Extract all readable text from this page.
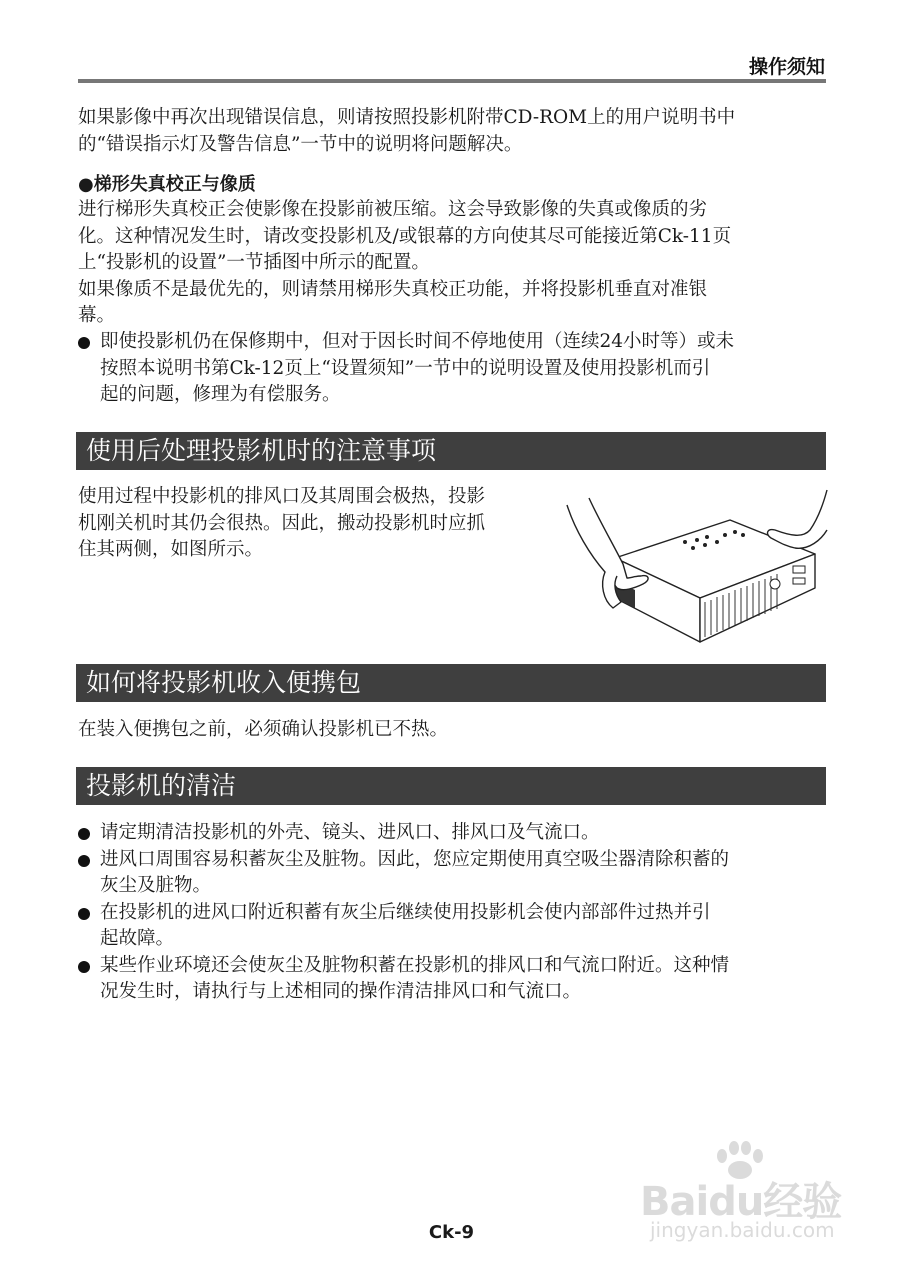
操作须知
如果影像中再次出现错误信息，则请按照投影机附带CD-ROM上的用户说明书中
的“错误指示灯及警告信息”一节中的说明将问题解决。
●梯形失真校正与像质
进行梯形失真校正会使影像在投影前被压缩。这会导致影像的失真或像质的劣
化。这种情况发生时，请改变投影机及/或银幕的方向使其尽可能接近第Ck-11页
上“投影机的设置”一节插图中所示的配置。
如果像质不是最优先的，则请禁用梯形失真校正功能，并将投影机垂直对准银
幕。
即使投影机仍在保修期中，但对于因长时间不停地使用（连续24小时等）或未
按照本说明书第Ck-12页上“设置须知”一节中的说明设置及使用投影机而引
起的问题，修理为有偿服务。
使用后处理投影机时的注意事项
使用过程中投影机的排风口及其周围会极热，投影
机刚关机时其仍会很热。因此，搬动投影机时应抓
住其两侧，如图所示。
如何将投影机收入便携包
在装入便携包之前，必须确认投影机已不热。
投影机的清洁
请定期清洁投影机的外壳、镜头、进风口、排风口及气流口。
进风口周围容易积蓄灰尘及脏物。因此，您应定期使用真空吸尘器清除积蓄的
灰尘及脏物。
在投影机的进风口附近积蓄有灰尘后继续使用投影机会使内部部件过热并引
起故障。
某些作业环境还会使灰尘及脏物积蓄在投影机的排风口和气流口附近。这种情
况发生时，请执行与上述相同的操作清洁排风口和气流口。
Baidu经验
jingyan.baidu.com
Ck-9
